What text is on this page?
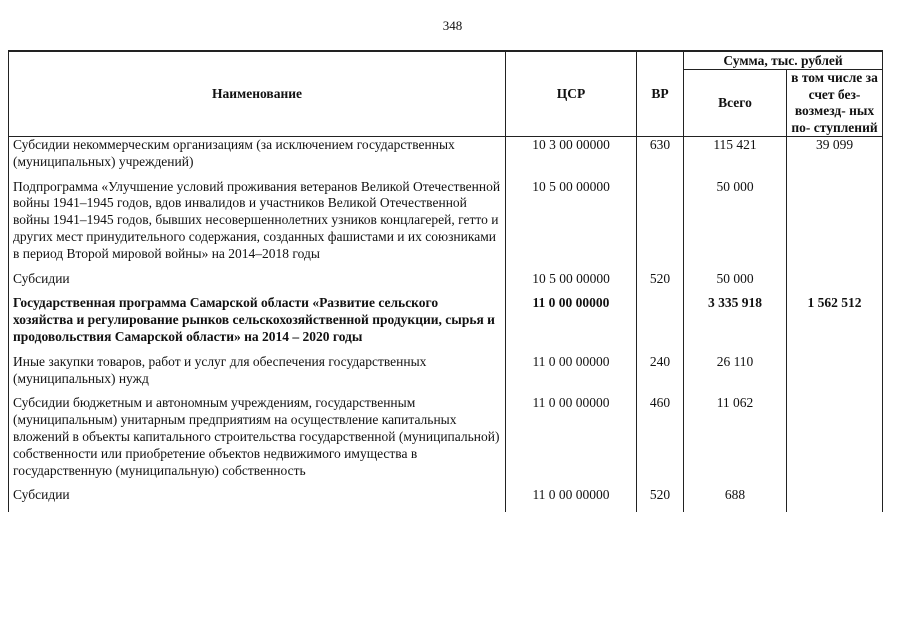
348
Наименование	ЦСР	ВР	Сумма, тыс. рублей	
			Всего	в том числе за счет без- возмезд- ных по- ступлений
Субсидии некоммерческим организациям (за исключением государственных (муниципальных) учреждений)	10 3 00 00000	630	115 421	39 099
Подпрограмма «Улучшение условий проживания ветеранов Великой Отечественной войны 1941–1945 годов, вдов инвалидов и участников Великой Отечественной войны 1941–1945 годов, бывших несовершеннолетних узников концлагерей, гетто и других мест принудительного содержания, созданных фашистами и их союзниками в период Второй мировой войны» на 2014–2018 годы	10 5 00 00000		50 000	
Субсидии	10 5 00 00000	520	50 000	
Государственная программа Самарской области «Развитие сельского хозяйства и регулирование рынков сельскохозяйственной продукции, сырья и продовольствия Самарской области» на 2014 – 2020 годы	11 0 00 00000		3 335 918	1 562 512
Иные закупки товаров, работ и услуг для обеспечения государственных (муниципальных) нужд	11 0 00 00000	240	26 110	
Субсидии бюджетным и автономным учреждениям, государственным (муниципальным) унитарным предприятиям на осуществление капитальных вложений в объекты капитального строительства государственной (муниципальной) собственности или приобретение объектов недвижимого имущества в государственную (муниципальную) собственность	11 0 00 00000	460	11 062	
Субсидии	11 0 00 00000	520	688	
